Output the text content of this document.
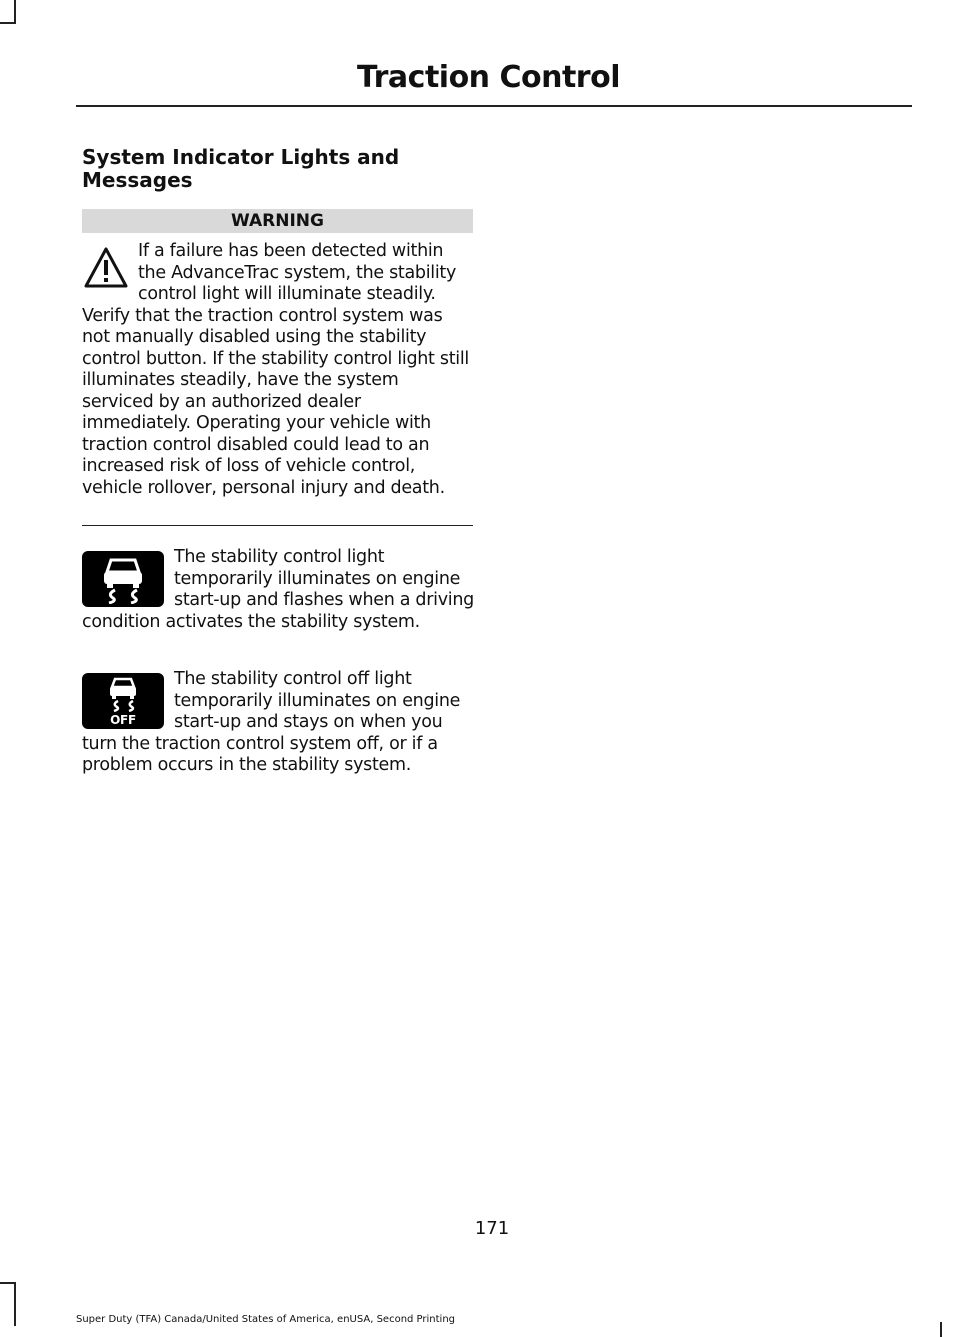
Traction Control
System Indicator Lights and Messages
WARNING
If a failure has been detected within the AdvanceTrac system, the stability control light will illuminate steadily. Verify that the traction control system was not manually disabled using the stability control button. If the stability control light still illuminates steadily, have the system serviced by an authorized dealer immediately. Operating your vehicle with traction control disabled could lead to an increased risk of loss of vehicle control, vehicle rollover, personal injury and death.
The stability control light temporarily illuminates on engine start-up and flashes when a driving condition activates the stability system.
OFF
The stability control off light temporarily illuminates on engine start-up and stays on when you turn the traction control system off, or if a problem occurs in the stability system.
171
Super Duty (TFA) Canada/United States of America, enUSA, Second Printing
